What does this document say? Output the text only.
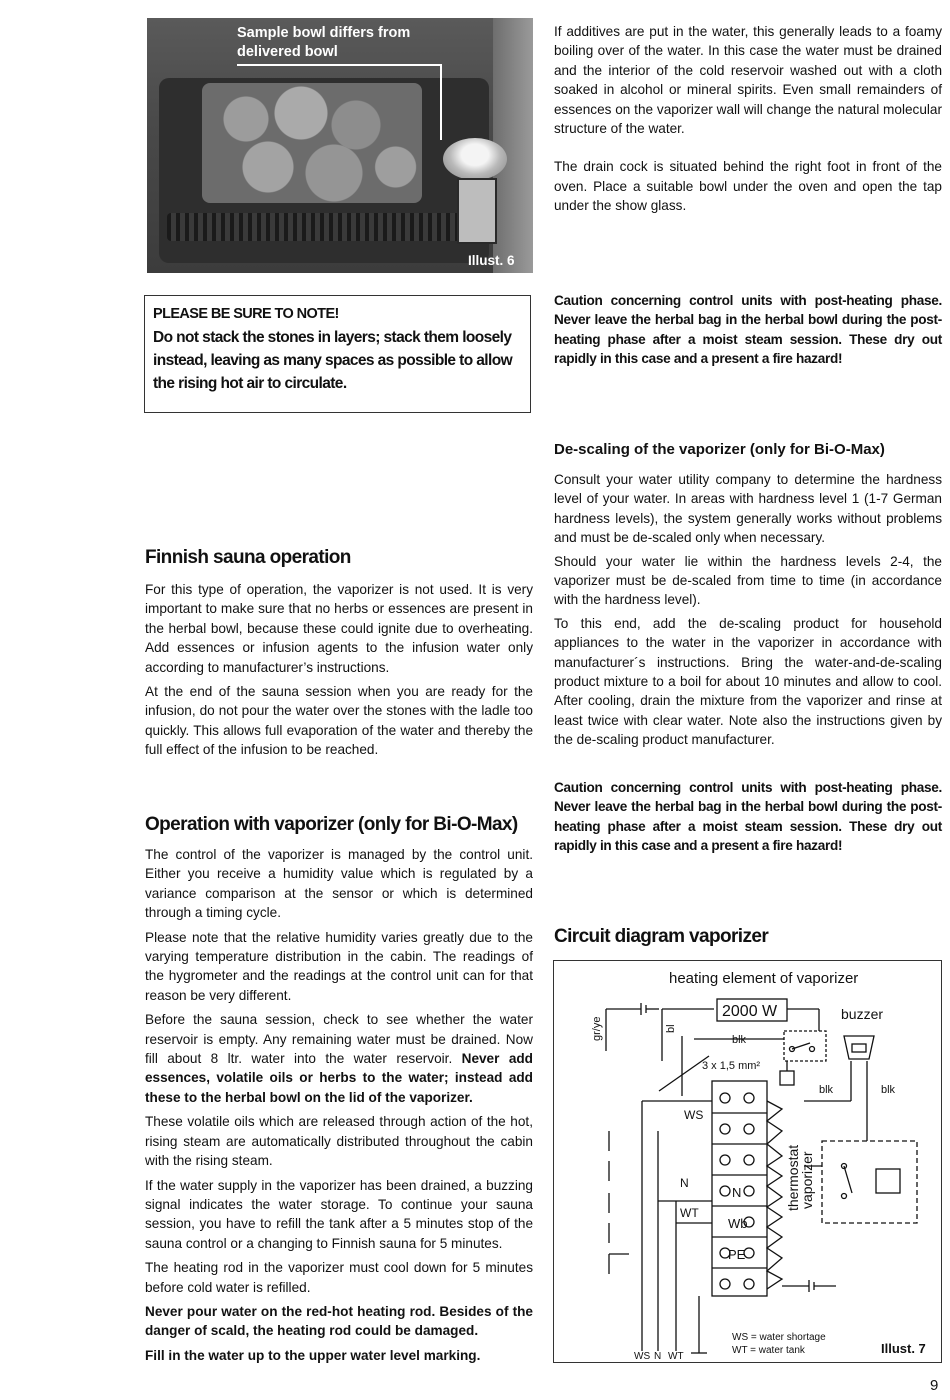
Sample bowl differs from delivered bowl
Illust. 6
PLEASE BE SURE TO NOTE!
Do not stack the stones in layers; stack them loosely instead, leaving as many spaces as possible to allow the rising hot air to circulate.
Finnish sauna operation

For this type of operation, the vaporizer is not used. It is very important to make sure that no herbs or essences are present in the herbal bowl, because these could ignite due to overheating. Add essences or infusion agents to the infusion water only according to manufacturer’s instructions.

At the end of the sauna session when you are ready for the infusion, do not pour the water over the stones with the ladle too quickly. This allows full evaporation of the water and thereby the full effect of the infusion to be reached.

Operation with vaporizer (only for Bi-O-Max)

The control of the vaporizer is managed by the control unit. Either you receive a humidity value which is regulated by a variance comparison at the sensor or which is determined through a timing cycle.

Please note that the relative humidity varies greatly due to the varying temperature distribution in the cabin. The readings of the hygrometer and the readings at the control unit can for that reason be very different.

Before the sauna session, check to see whether the water reservoir is empty. Any remaining water must be drained. Now fill about 8 ltr. water into the water reservoir. Never add essences, volatile oils or herbs to the water; instead add these to the herbal bowl on the lid of the vaporizer.

These volatile oils which are released through action of the hot, rising steam are automatically distributed throughout the cabin with the rising steam.

If the water supply in the vaporizer has been drained, a buzzing signal indicates the water storage. To continue your sauna session, you have to refill the tank after a 5 minutes stop of the sauna control or a changing to Finnish sauna for 5 minutes.

The heating rod in the vaporizer must cool down for 5 minutes before cold water is refilled.

Never pour water on the red-hot heating rod. Besides of the danger of scald, the heating rod could be damaged.

Fill in the water up to the upper water level marking.

If additives are put in the water, this generally leads to a foamy boiling over of the water. In this case the water must be drained and the interior of the cold reservoir washed out with a cloth soaked in alcohol or mineral spirits. Even small remainders of essences on the vaporizer wall will change the natural molecular structure of the water.

The drain cock is situated behind the right foot in front of the oven. Place a suitable bowl under the oven and open the tap under the show glass.

Caution concerning control units with post-heating phase. Never leave the herbal bag in the herbal bowl during the post-heating phase after a moist steam session. These dry out rapidly in this case and a present a fire hazard!

De-scaling of the vaporizer (only for Bi-O-Max)

Consult your water utility company to determine the hardness level of your water. In areas with hardness level 1 (1-7 German hardness levels), the system generally works without problems and must be de-scaled only when necessary.

Should your water lie within the hardness levels 2-4, the vaporizer must be de-scaled from time to time (in accordance with the hardness level).

To this end, add the de-scaling product for household appliances to the water in the vaporizer in accordance with manufacturer´s instructions. Bring the water-and-de-scaling product mixture to a boil for about 10 minutes and allow to cool. After cooling, drain the mixture from the vaporizer and rinse at least twice with clear water. Note also the instructions given by the de-scaling product manufacturer.

Caution concerning control units with post-heating phase. Never leave the herbal bag in the herbal bowl during the post-heating phase after a moist steam session. These dry out rapidly in this case and a present a fire hazard!

Circuit diagram vaporizer
heating element of vaporizer
2000 W	buzzer
gr/ye	bl
blk
3 x 1,5 mm²
blk	blk
WS
N
WT
N
Wb
PE
thermostat
vaporizer
WS N WT
WS = water shortage
WT = water tank	Illust. 7
9
